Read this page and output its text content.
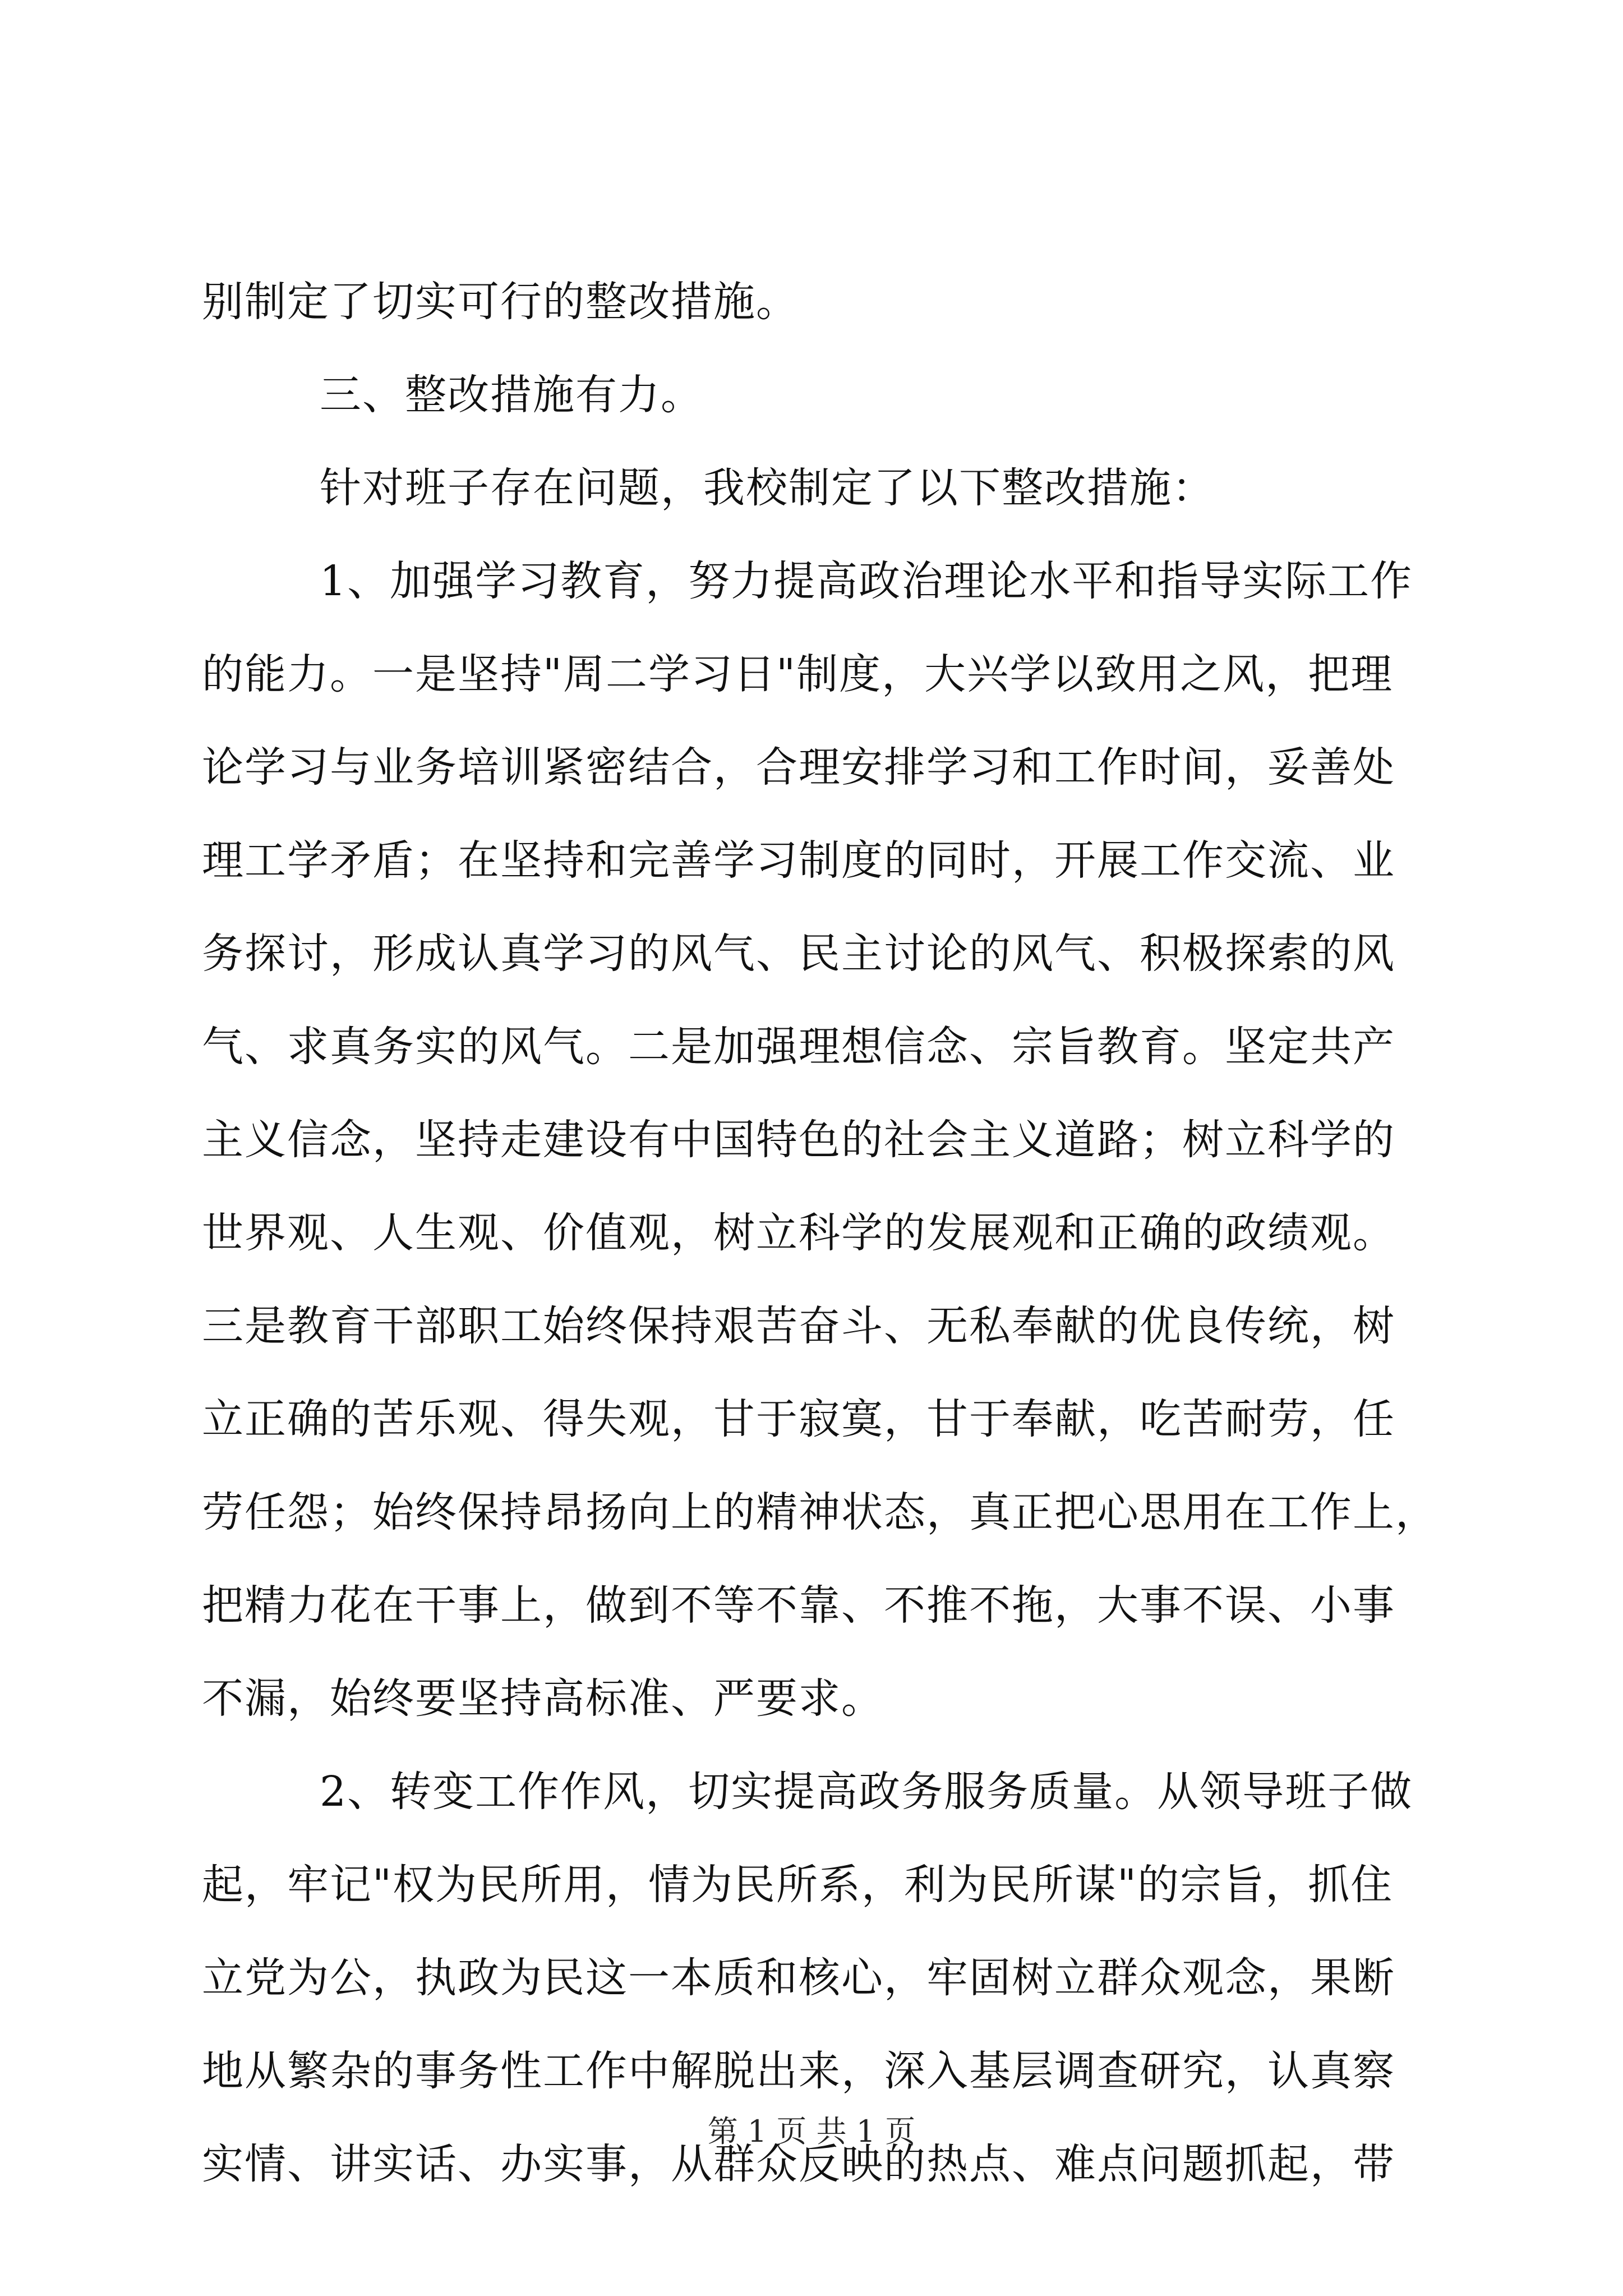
别制定了切实可行的整改措施。
三、整改措施有力。
针对班子存在问题，我校制定了以下整改措施：
1、加强学习教育，努力提高政治理论水平和指导实际工作
的能力。一是坚持"周二学习日"制度，大兴学以致用之风，把理
论学习与业务培训紧密结合，合理安排学习和工作时间，妥善处
理工学矛盾；在坚持和完善学习制度的同时，开展工作交流、业
务探讨，形成认真学习的风气、民主讨论的风气、积极探索的风
气、求真务实的风气。二是加强理想信念、宗旨教育。坚定共产
主义信念，坚持走建设有中国特色的社会主义道路；树立科学的
世界观、人生观、价值观，树立科学的发展观和正确的政绩观。
三是教育干部职工始终保持艰苦奋斗、无私奉献的优良传统，树
立正确的苦乐观、得失观，甘于寂寞，甘于奉献，吃苦耐劳，任
劳任怨；始终保持昂扬向上的精神状态，真正把心思用在工作上，
把精力花在干事上，做到不等不靠、不推不拖，大事不误、小事
不漏，始终要坚持高标准、严要求。
2、转变工作作风，切实提高政务服务质量。从领导班子做
起，牢记"权为民所用，情为民所系，利为民所谋"的宗旨，抓住
立党为公，执政为民这一本质和核心，牢固树立群众观念，果断
地从繁杂的事务性工作中解脱出来，深入基层调查研究，认真察
实情、讲实话、办实事，从群众反映的热点、难点问题抓起，带
第 1 页 共 1 页
